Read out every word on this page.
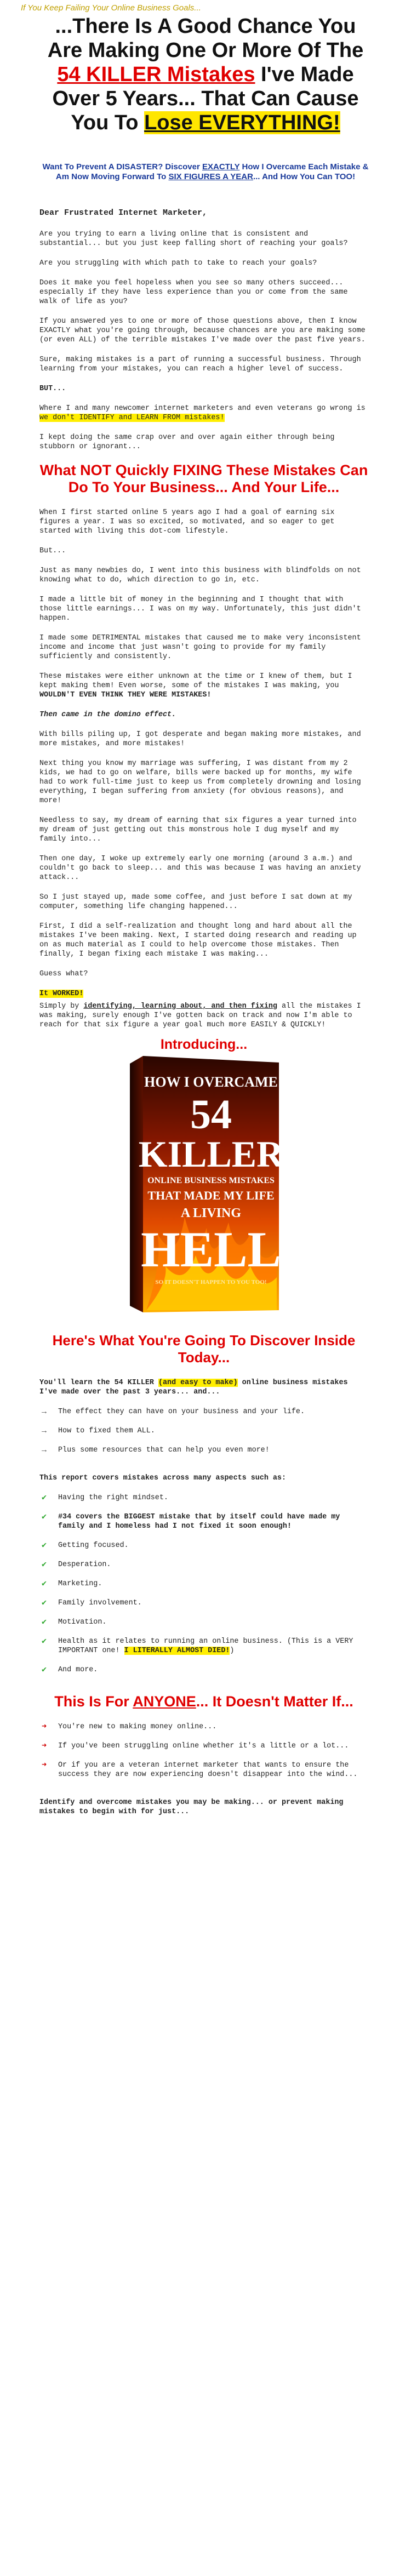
If You Keep Failing Your Online Business Goals...
...There Is A Good Chance You
Are Making One Or More Of The
54 KILLER Mistakes I've Made
Over 5 Years... That Can Cause
You To Lose EVERYTHING!
Want To Prevent A DISASTER? Discover EXACTLY How I Overcame Each Mistake &
Am Now Moving Forward To SIX FIGURES A YEAR... And How You Can TOO!

Dear Frustrated Internet Marketer,

Are you trying to earn a living online that is consistent and substantial... but you just keep falling short of reaching your goals?

Are you struggling with which path to take to reach your goals?

Does it make you feel hopeless when you see so many others succeed... especially if they have less experience than you or come from the same walk of life as you?

If you answered yes to one or more of those questions above, then I know EXACTLY what you're going through, because chances are you are making some (or even ALL) of the terrible mistakes I've made over the past five years.

Sure, making mistakes is a part of running a successful business. Through learning from your mistakes, you can reach a higher level of success.

BUT...

Where I and many newcomer internet marketers and even veterans go wrong is we don't IDENTIFY and LEARN FROM mistakes!

I kept doing the same crap over and over again either through being stubborn or ignorant...

What NOT Quickly FIXING These Mistakes Can Do To Your Business... And Your Life...

When I first started online 5 years ago I had a goal of earning six figures a year. I was so excited, so motivated, and so eager to get started with living this dot-com lifestyle.

But...

Just as many newbies do, I went into this business with blindfolds on not knowing what to do, which direction to go in, etc.

I made a little bit of money in the beginning and I thought that with those little earnings... I was on my way. Unfortunately, this just didn't happen.

I made some DETRIMENTAL mistakes that caused me to make very inconsistent income and income that just wasn't going to provide for my family sufficiently and consistently.

These mistakes were either unknown at the time or I knew of them, but I kept making them! Even worse, some of the mistakes I was making, you WOULDN'T EVEN THINK THEY WERE MISTAKES!

Then came in the domino effect.

With bills piling up, I got desperate and began making more mistakes, and more mistakes, and more mistakes!

Next thing you know my marriage was suffering, I was distant from my 2 kids, we had to go on welfare, bills were backed up for months, my wife had to work full-time just to keep us from completely drowning and losing everything, I began suffering from anxiety (for obvious reasons), and more!

Needless to say, my dream of earning that six figures a year turned into my dream of just getting out this monstrous hole I dug myself and my family into...

Then one day, I woke up extremely early one morning (around 3 a.m.) and couldn't go back to sleep... and this was because I was having an anxiety attack...

So I just stayed up, made some coffee, and just before I sat down at my computer, something life changing happened...

First, I did a self-realization and thought long and hard about all the mistakes I've been making. Next, I started doing research and reading up on as much material as I could to help overcome those mistakes. Then finally, I began fixing each mistake I was making...

Guess what?

It WORKED!

Simply by identifying, learning about, and then fixing all the mistakes I was making, surely enough I've gotten back on track and now I'm able to reach for that six figure a year goal much more EASILY & QUICKLY!

Introducing...
HOW I OVERCAME
54
KILLER
ONLINE BUSINESS MISTAKES
THAT MADE MY LIFE
A LIVING
HELL
SO IT DOESN'T HAPPEN TO YOU TOO!
Here's What You're Going To Discover Inside Today...

You'll learn the 54 KILLER (and easy to make) online business mistakes I've made over the past 3 years... and...

→ The effect they can have on your business and your life.
→ How to fixed them ALL.
→ Plus some resources that can help you even more!

This report covers mistakes across many aspects such as:

✔ Having the right mindset.
✔ #34 covers the BIGGEST mistake that by itself could have made my family and I homeless had I not fixed it soon enough!
✔ Getting focused.
✔ Desperation.
✔ Marketing.
✔ Family involvement.
✔ Motivation.
✔ Health as it relates to running an online business. (This is a VERY IMPORTANT one! I LITERALLY ALMOST DIED!)
✔ And more.
This Is For ANYONE... It Doesn't Matter If...
➜ You're new to making money online...
➜ If you've been struggling online whether it's a little or a lot...
➜ Or if you are a veteran internet marketer that wants to ensure the success they are now experiencing doesn't disappear into the wind...

Identify and overcome mistakes you may be making... or prevent making mistakes to begin with for just...
